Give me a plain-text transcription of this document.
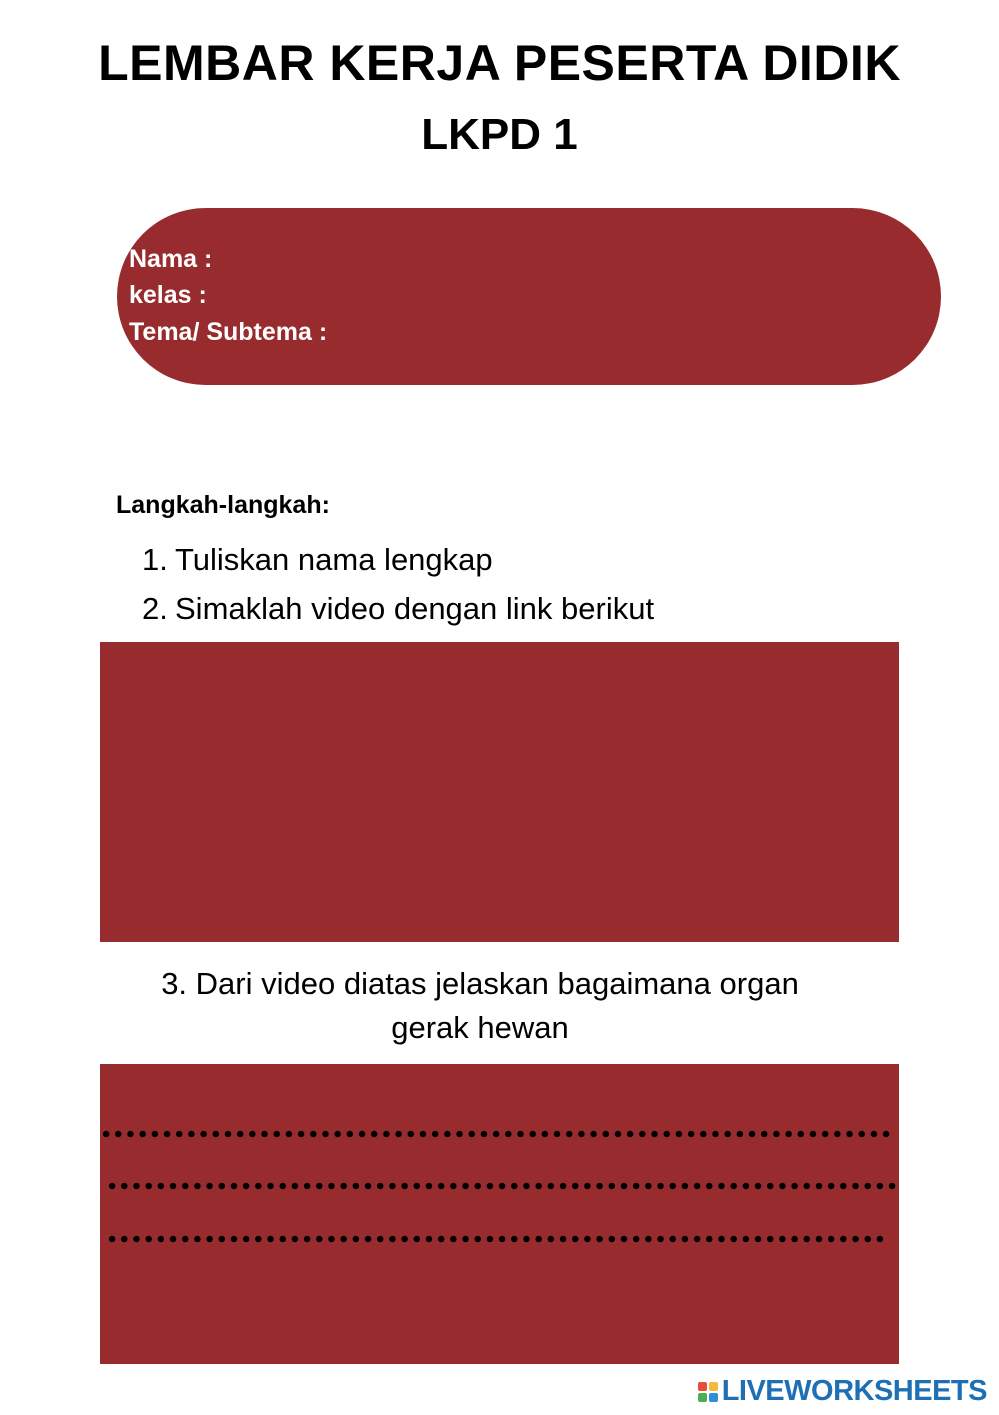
LEMBAR KERJA PESERTA DIDIK
LKPD 1
Nama :
kelas :
Tema/ Subtema :
Langkah-langkah:
1. Tuliskan nama lengkap
2. Simaklah video dengan link berikut
3. Dari video diatas jelaskan bagaimana organ gerak hewan
LIVEWORKSHEETS
